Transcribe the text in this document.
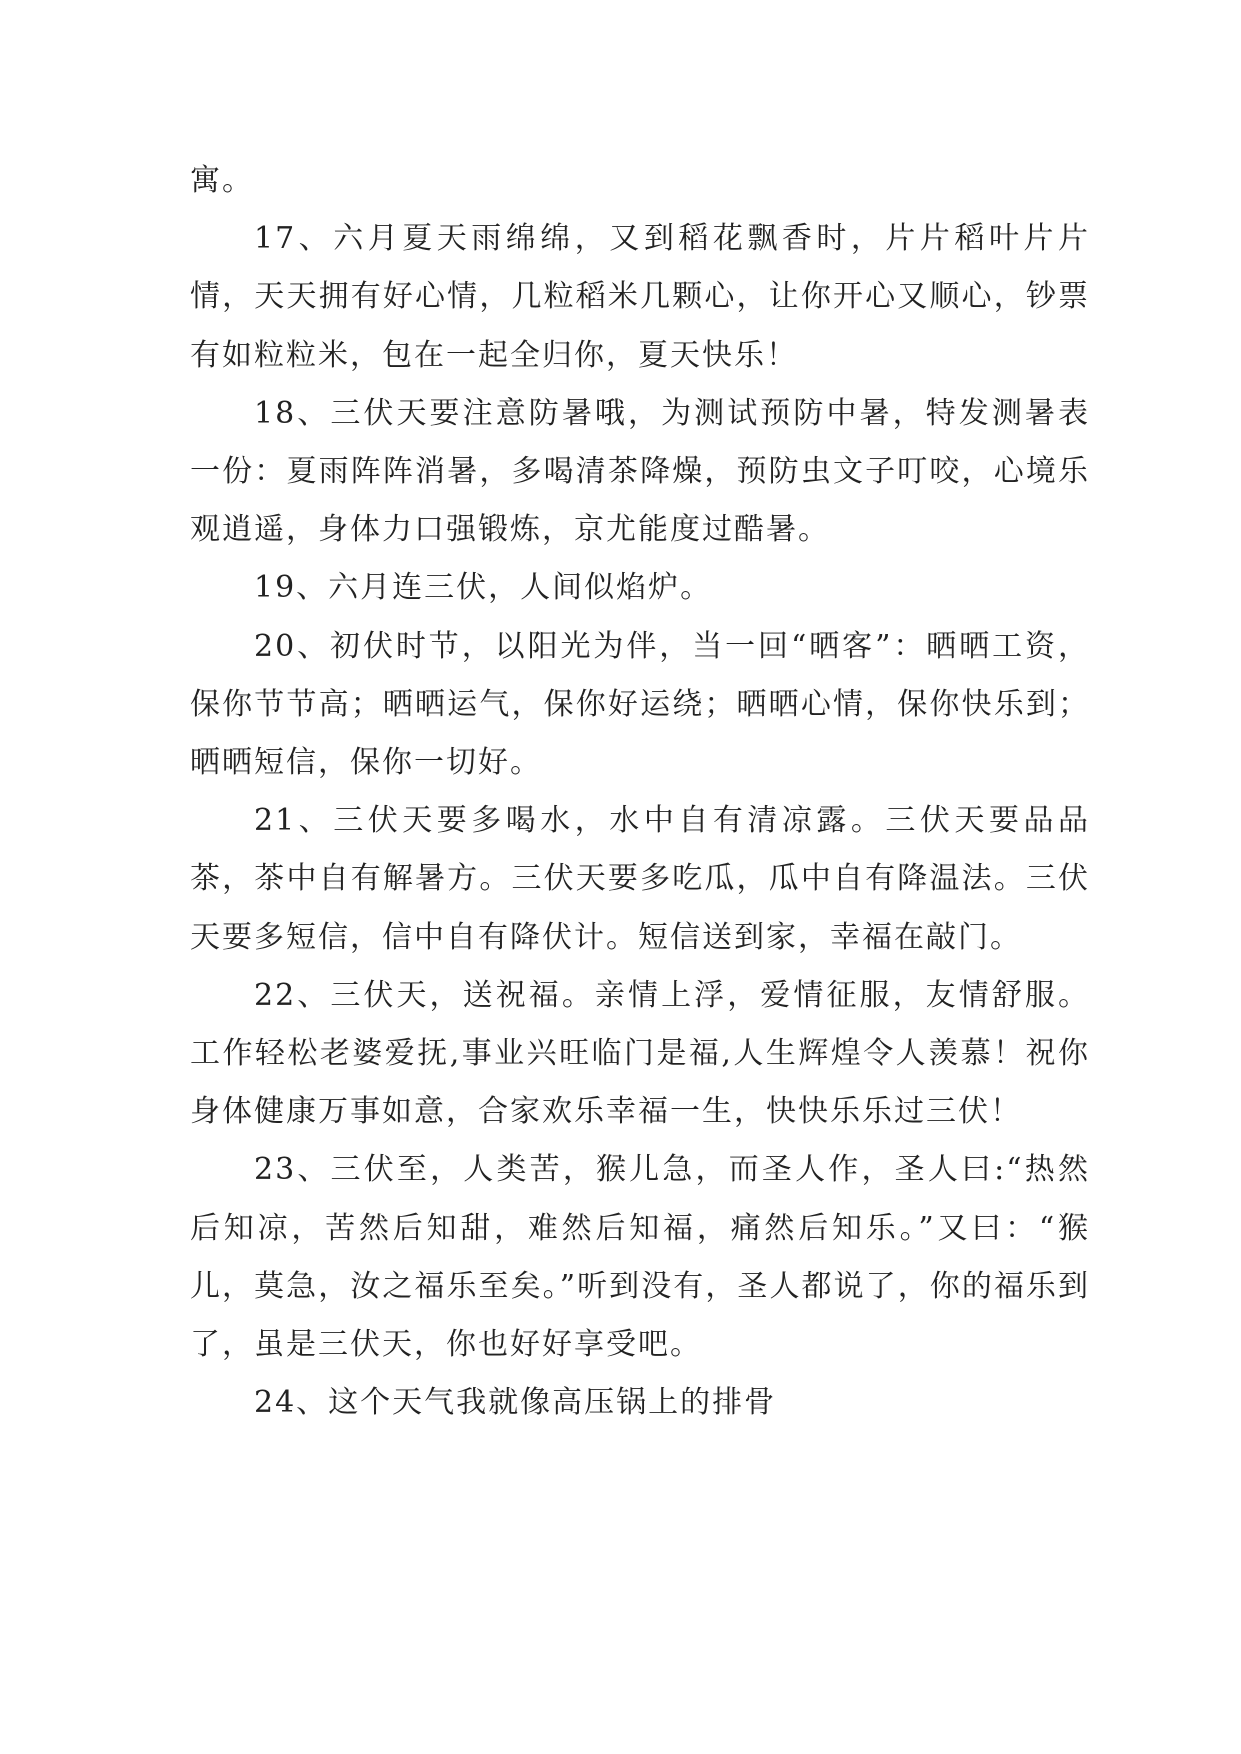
寓。

17、六月夏天雨绵绵，又到稻花飘香时，片片稻叶片片情，天天拥有好心情，几粒稻米几颗心，让你开心又顺心，钞票有如粒粒米，包在一起全归你，夏天快乐！

18、三伏天要注意防暑哦，为测试预防中暑，特发测暑表一份：夏雨阵阵消暑，多喝清茶降燥，预防虫文子叮咬，心境乐观逍遥，身体力口强锻炼，京尤能度过酷暑。

19、六月连三伏，人间似焰炉。

20、初伏时节，以阳光为伴，当一回“晒客”：晒晒工资，保你节节高；晒晒运气，保你好运绕；晒晒心情，保你快乐到；晒晒短信，保你一切好。

21、三伏天要多喝水，水中自有清凉露。三伏天要品品茶，茶中自有解暑方。三伏天要多吃瓜，瓜中自有降温法。三伏天要多短信，信中自有降伏计。短信送到家，幸福在敲门。

22、三伏天，送祝福。亲情上浮，爱情征服，友情舒服。工作轻松老婆爱抚,事业兴旺临门是福,人生辉煌令人羡慕！祝你身体健康万事如意，合家欢乐幸福一生，快快乐乐过三伏！

23、三伏至，人类苦，猴儿急，而圣人作，圣人曰:“热然后知凉，苦然后知甜，难然后知福，痛然后知乐。”又曰：“猴儿，莫急，汝之福乐至矣。”听到没有，圣人都说了，你的福乐到了，虽是三伏天，你也好好享受吧。

24、这个天气我就像高压锅上的排骨
